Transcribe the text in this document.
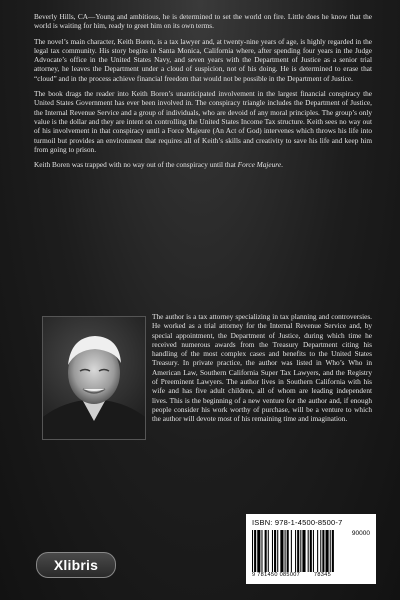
Beverly Hills, CA—Young and ambitious, he is determined to set the world on fire. Little does he know that the world is waiting for him, ready to greet him on its own terms.

The novel’s main character, Keith Boren, is a tax lawyer and, at twenty-nine years of age, is highly regarded in the legal tax community. His story begins in Santa Monica, California where, after spending four years in the Judge Advocate’s office in the United States Navy, and seven years with the Department of Justice as a senior trial attorney, he leaves the Department under a cloud of suspicion, not of his doing. He is determined to erase that “cloud” and in the process achieve financial freedom that would not be possible in the Department of Justice.

The book drags the reader into Keith Boren’s unanticipated involvement in the largest financial conspiracy the United States Government has ever been involved in. The conspiracy triangle includes the Department of Justice, the Internal Revenue Service and a group of individuals, who are devoid of any moral principles. The group’s only value is the dollar and they are intent on controlling the United States Income Tax structure. Keith sees no way out of his involvement in that conspiracy until a Force Majeure (An Act of God) intervenes which throws his life into turmoil but provides an environment that requires all of Keith’s skills and creativity to save his life and keep him from going to prison.

Keith Boren was trapped with no way out of the conspiracy until that Force Majeure.

The author is a tax attorney specializing in tax planning and controversies. He worked as a trial attorney for the Internal Revenue Service and, by special appointment, the Department of Justice, during which time he received numerous awards from the Treasury Department citing his handling of the most complex cases and benefits to the United States Treasury. In private practice, the author was listed in Who’s Who in American Law, Southern California Super Tax Lawyers, and the Registry of Preeminent Lawyers. The author lives in Southern California with his wife and has five adult children, all of whom are leading independent lives. This is the beginning of a new venture for the author and, if enough people consider his work worthy of purchase, will be a venture to which the author will devote most of his remaining time and imagination.
Xlibris
ISBN: 978-1-4500-8500-7
90000
9 781450 085007 78345
